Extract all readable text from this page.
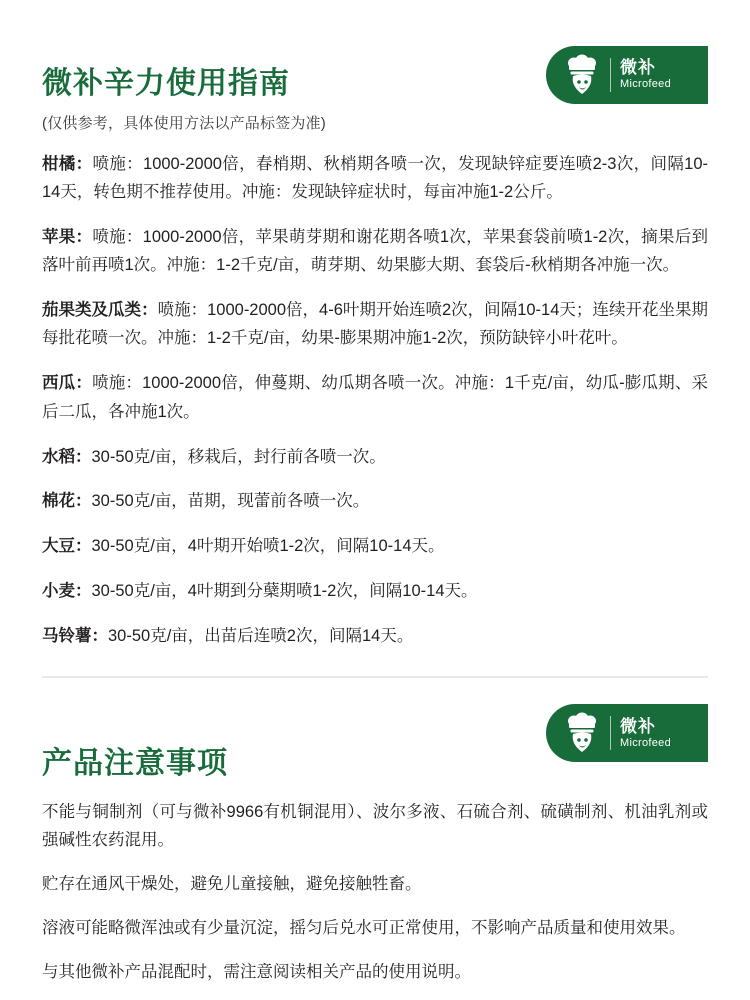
微补
Microfeed
微补辛力使用指南

(仅供参考，具体使用方法以产品标签为准)

柑橘：喷施：1000-2000倍，春梢期、秋梢期各喷一次，发现缺锌症要连喷2-3次，间隔10-14天，转色期不推荐使用。冲施：发现缺锌症状时，每亩冲施1-2公斤。

苹果：喷施：1000-2000倍，苹果萌芽期和谢花期各喷1次，苹果套袋前喷1-2次，摘果后到落叶前再喷1次。冲施：1-2千克/亩，萌芽期、幼果膨大期、套袋后-秋梢期各冲施一次。

茄果类及瓜类：喷施：1000-2000倍，4-6叶期开始连喷2次，间隔10-14天；连续开花坐果期每批花喷一次。冲施：1-2千克/亩，幼果-膨果期冲施1-2次，预防缺锌小叶花叶。

西瓜：喷施：1000-2000倍，伸蔓期、幼瓜期各喷一次。冲施：1千克/亩，幼瓜-膨瓜期、采后二瓜，各冲施1次。

水稻：30-50克/亩，移栽后，封行前各喷一次。

棉花：30-50克/亩，苗期，现蕾前各喷一次。

大豆：30-50克/亩，4叶期开始喷1-2次，间隔10-14天。

小麦：30-50克/亩，4叶期到分蘖期喷1-2次，间隔10-14天。

马铃薯：30-50克/亩，出苗后连喷2次，间隔14天。

微补
Microfeed
产品注意事项

不能与铜制剂（可与微补9966有机铜混用）、波尔多液、石硫合剂、硫磺制剂、机油乳剂或强碱性农药混用。

贮存在通风干燥处，避免儿童接触，避免接触牲畜。

溶液可能略微浑浊或有少量沉淀，摇匀后兑水可正常使用，不影响产品质量和使用效果。

与其他微补产品混配时，需注意阅读相关产品的使用说明。
